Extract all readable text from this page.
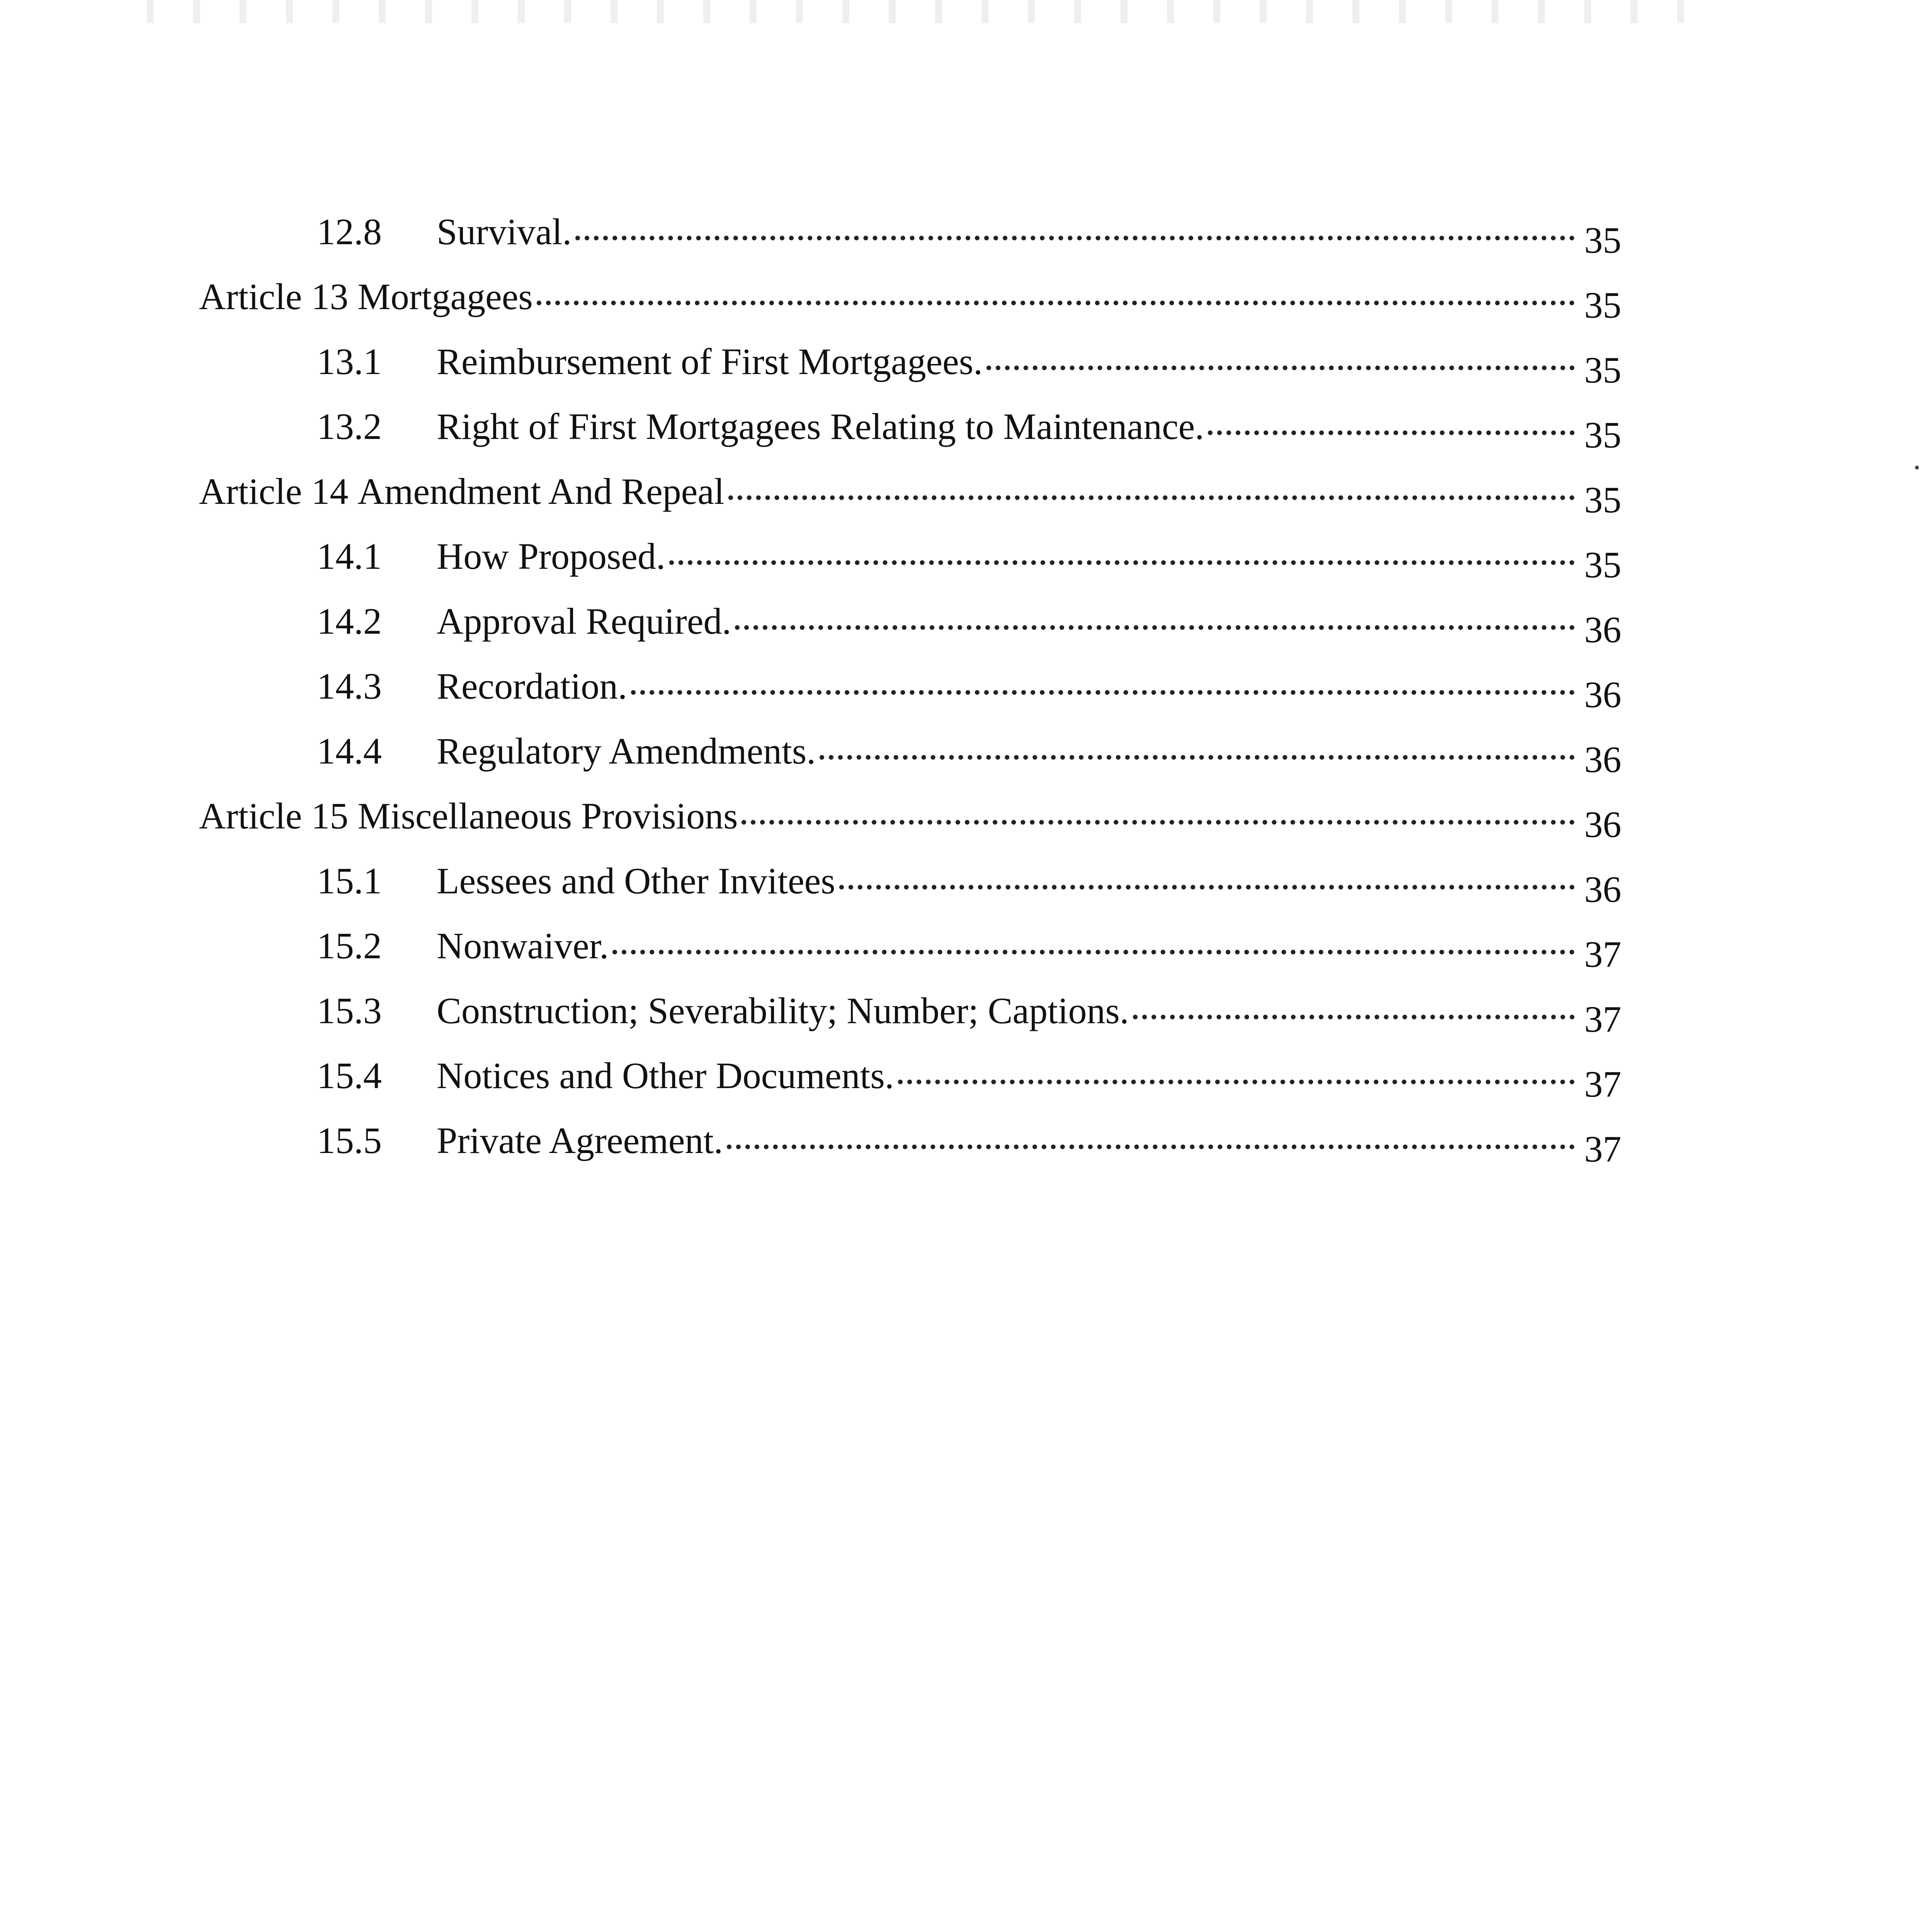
12.8	Survival.	35
Article 13 Mortgagees	35
13.1	Reimbursement of First Mortgagees.	35
13.2	Right of First Mortgagees Relating to Maintenance.	35
Article 14 Amendment And Repeal	35
14.1	How Proposed.	35
14.2	Approval Required.	36
14.3	Recordation.	36
14.4	Regulatory Amendments.	36
Article 15 Miscellaneous Provisions	36
15.1	Lessees and Other Invitees	36
15.2	Nonwaiver.	37
15.3	Construction; Severability; Number; Captions.	37
15.4	Notices and Other Documents.	37
15.5	Private Agreement.	37
